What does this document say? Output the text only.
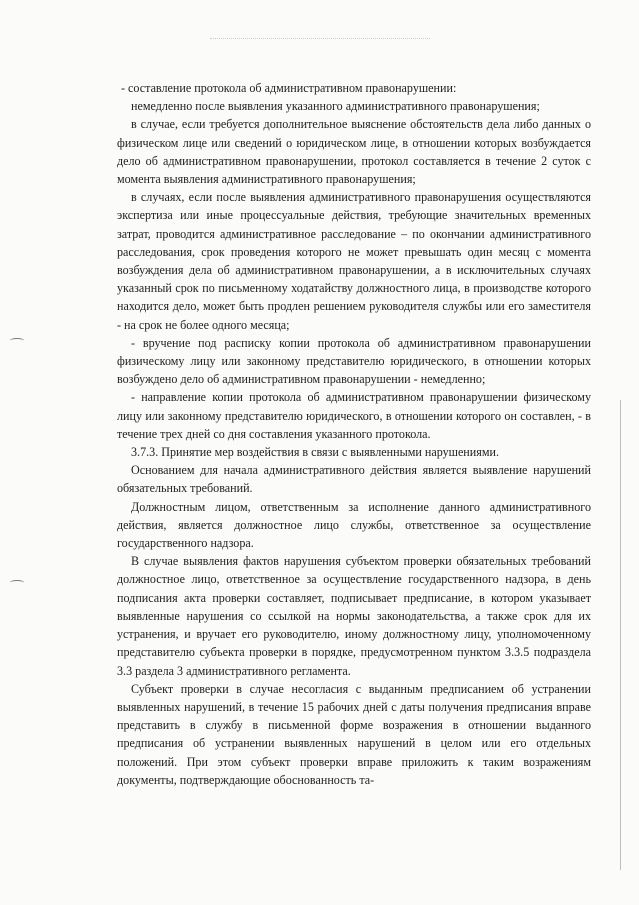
- составление протокола об административном правонарушении:

немедленно после выявления указанного административного правонарушения;

в случае, если требуется дополнительное выяснение обстоятельств дела либо данных о физическом лице или сведений о юридическом лице, в отношении которых возбуждается дело об административном правонарушении, протокол составляется в течение 2 суток с момента выявления административного правонарушения;

в случаях, если после выявления административного правонарушения осуществляются экспертиза или иные процессуальные действия, требующие значительных временных затрат, проводится административное расследование – по окончании административного расследования, срок проведения которого не может превышать один месяц с момента возбуждения дела об административном правонарушении, а в исключительных случаях указанный срок по письменному ходатайству должностного лица, в производстве которого находится дело, может быть продлен решением руководителя службы или его заместителя - на срок не более одного месяца;

- вручение под расписку копии протокола об административном правонарушении физическому лицу или законному представителю юридического, в отношении которых возбуждено дело об административном правонарушении - немедленно;

- направление копии протокола об административном правонарушении физическому лицу или законному представителю юридического, в отношении которого он составлен, - в течение трех дней со дня составления указанного протокола.

3.7.3. Принятие мер воздействия в связи с выявленными нарушениями.

Основанием для начала административного действия является выявление нарушений обязательных требований.

Должностным лицом, ответственным за исполнение данного административного действия, является должностное лицо службы, ответственное за осуществление государственного надзора.

В случае выявления фактов нарушения субъектом проверки обязательных требований должностное лицо, ответственное за осуществление государственного надзора, в день подписания акта проверки составляет, подписывает предписание, в котором указывает выявленные нарушения со ссылкой на нормы законодательства, а также срок для их устранения, и вручает его руководителю, иному должностному лицу, уполномоченному представителю субъекта проверки в порядке, предусмотренном пунктом 3.3.5 подраздела 3.3 раздела 3 административного регламента.

Субъект проверки в случае несогласия с выданным предписанием об устранении выявленных нарушений, в течение 15 рабочих дней с даты получения предписания вправе представить в службу в письменной форме возражения в отношении выданного предписания об устранении выявленных нарушений в целом или его отдельных положений. При этом субъект проверки вправе приложить к таким возражениям документы, подтверждающие обоснованность та-
